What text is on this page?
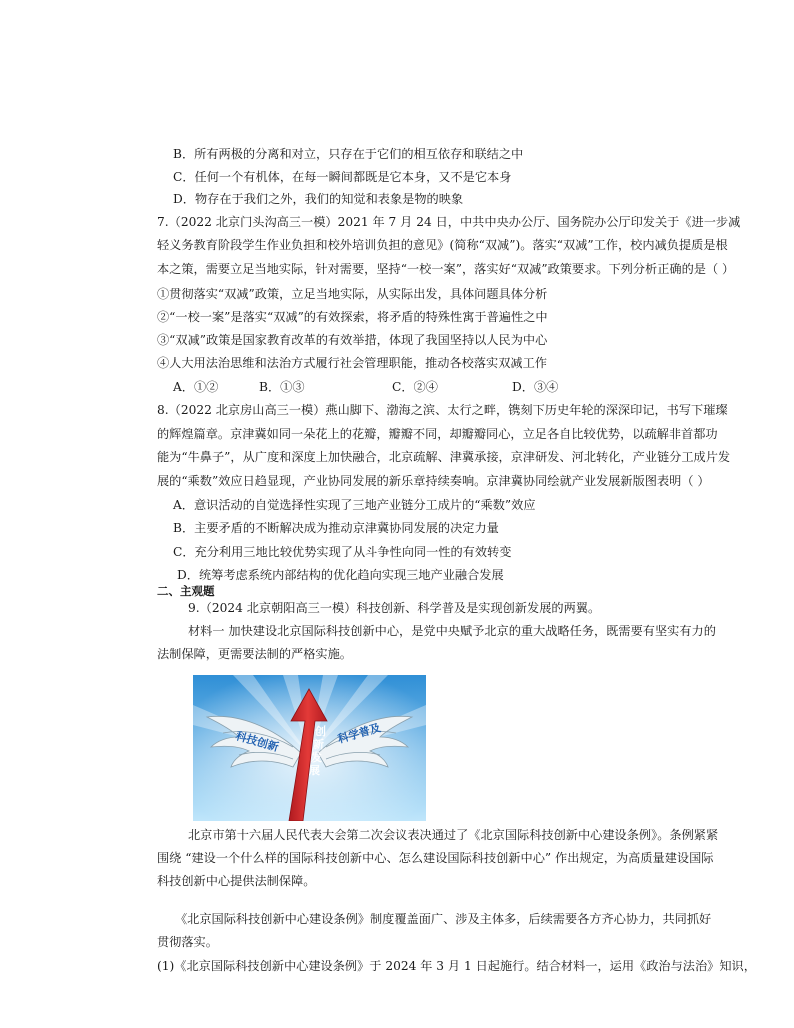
B．所有两极的分离和对立，只存在于它们的相互依存和联结之中
C．任何一个有机体，在每一瞬间都既是它本身，又不是它本身
D．物存在于我们之外，我们的知觉和表象是物的映象
7.（2022 北京门头沟高三一模）2021 年 7 月 24 日，中共中央办公厅、国务院办公厅印发关于《进一步减
轻义务教育阶段学生作业负担和校外培训负担的意见》(简称“双减”)。落实“双减”工作，校内减负提质是根
本之策，需要立足当地实际，针对需要，坚持“一校一案”，落实好“双减”政策要求。下列分析正确的是（ ）
①贯彻落实“双减”政策，立足当地实际，从实际出发，具体问题具体分析
②“一校一案”是落实“双减”的有效探索，将矛盾的特殊性寓于普遍性之中
③“双减”政策是国家教育改革的有效举措，体现了我国坚持以人民为中心
④人大用法治思维和法治方式履行社会管理职能，推动各校落实双减工作
A．①②	B．①③	C．②④	D．③④
8.（2022 北京房山高三一模）燕山脚下、渤海之滨、太行之畔，镌刻下历史年轮的深深印记，书写下璀璨
的辉煌篇章。京津冀如同一朵花上的花瓣，瓣瓣不同，却瓣瓣同心，立足各自比较优势，以疏解非首都功
能为“牛鼻子”，从广度和深度上加快融合，北京疏解、津冀承接，京津研发、河北转化，产业链分工成片发
展的“乘数”效应日趋显现，产业协同发展的新乐章持续奏响。京津冀协同绘就产业发展新版图表明（ ）
A．意识活动的自觉选择性实现了三地产业链分工成片的“乘数”效应
B．主要矛盾的不断解决成为推动京津冀协同发展的决定力量
C．充分利用三地比较优势实现了从斗争性向同一性的有效转变
D．统筹考虑系统内部结构的优化趋向实现三地产业融合发展
二、主观题
9.（2024 北京朝阳高三一模）科技创新、科学普及是实现创新发展的两翼。
材料一 加快建设北京国际科技创新中心，是党中央赋予北京的重大战略任务，既需要有坚实有力的
法制保障，更需要法制的严格实施。
科技创新	科学普及
创新发展
北京市第十六届人民代表大会第二次会议表决通过了《北京国际科技创新中心建设条例》。条例紧紧
围绕 “建设一个什么样的国际科技创新中心、怎么建设国际科技创新中心” 作出规定，为高质量建设国际
科技创新中心提供法制保障。
《北京国际科技创新中心建设条例》制度覆盖面广、涉及主体多，后续需要各方齐心协力，共同抓好
贯彻落实。
(1)《北京国际科技创新中心建设条例》于 2024 年 3 月 1 日起施行。结合材料一，运用《政治与法治》知识，
